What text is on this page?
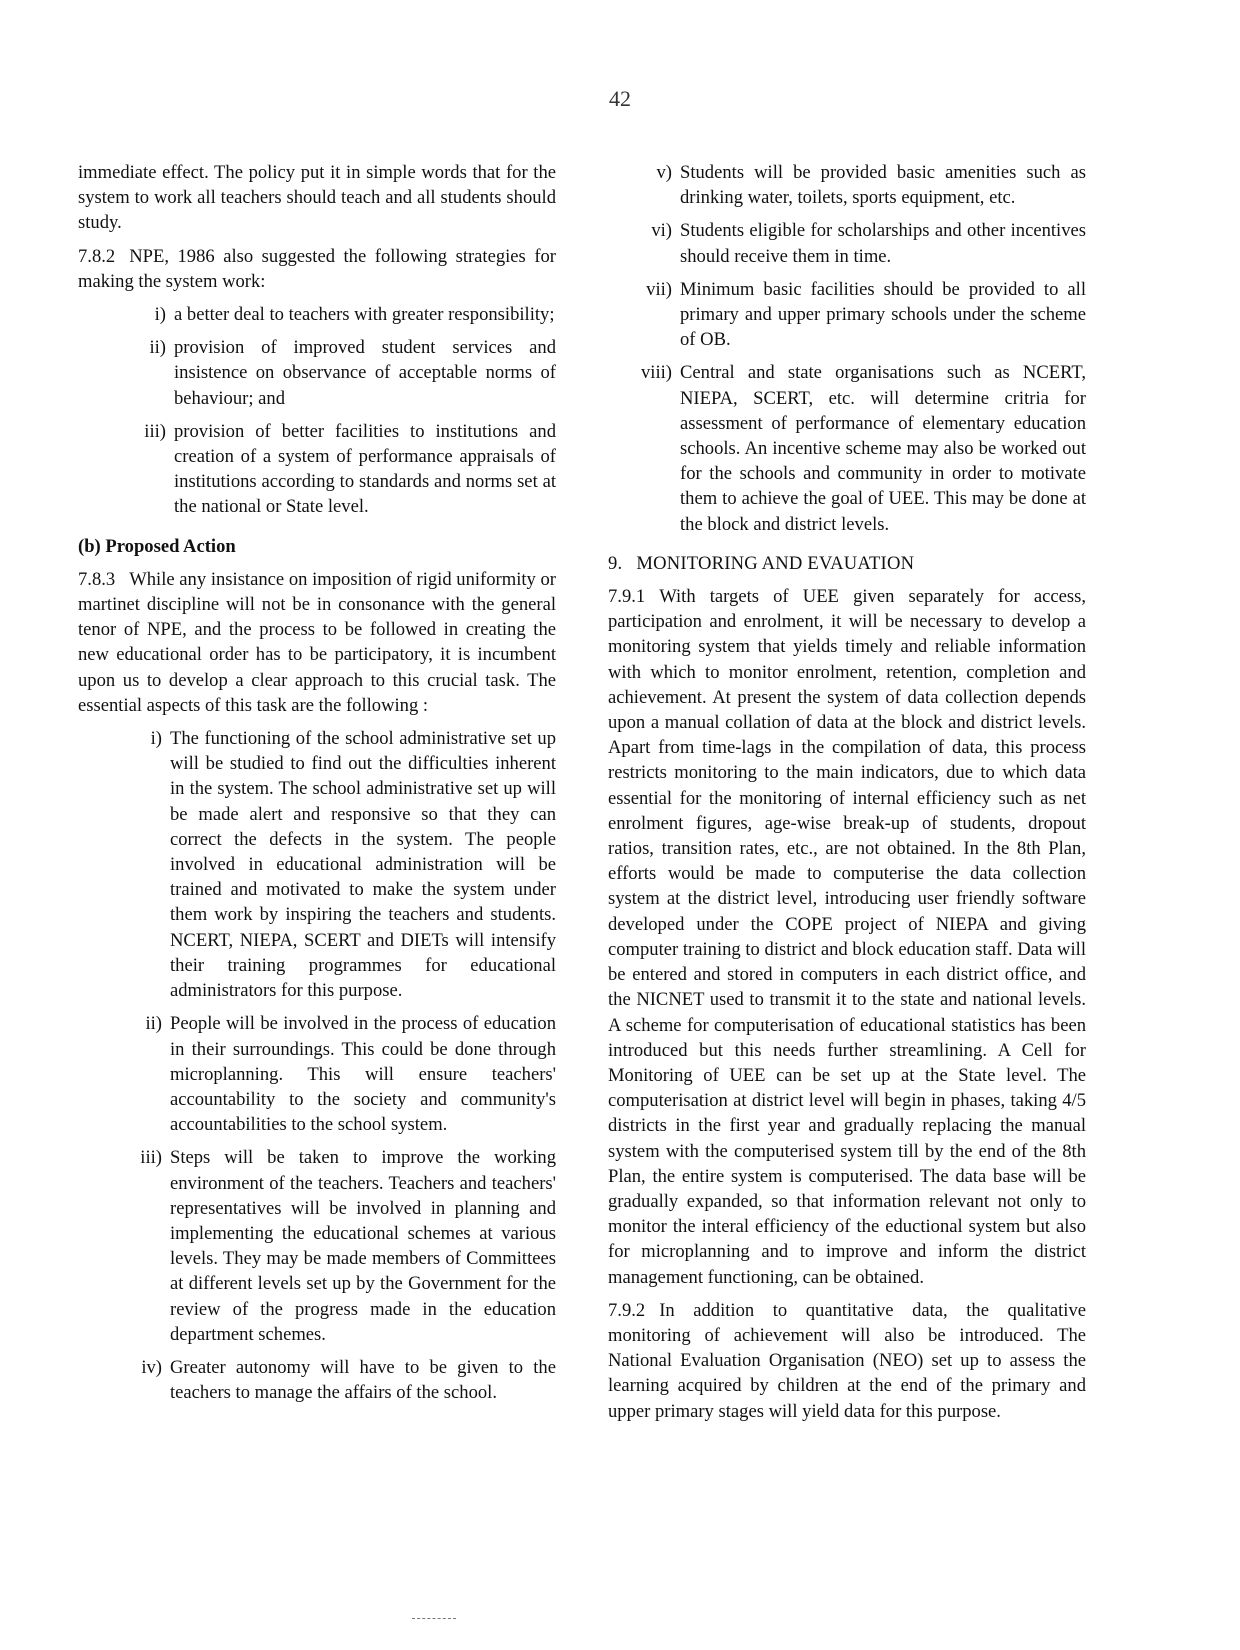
42

immediate effect. The policy put it in simple words that for the system to work all teachers should teach and all students should study.

7.8.2 NPE, 1986 also suggested the following strategies for making the system work:

i) a better deal to teachers with greater responsibility;
ii) provision of improved student services and insistence on observance of acceptable norms of behaviour; and
iii) provision of better facilities to institutions and creation of a system of performance appraisals of institutions according to standards and norms set at the national or State level.
(b) Proposed Action

7.8.3 While any insistance on imposition of rigid uniformity or martinet discipline will not be in consonance with the general tenor of NPE, and the process to be followed in creating the new educational order has to be participatory, it is incumbent upon us to develop a clear approach to this crucial task. The essential aspects of this task are the following :

i) The functioning of the school administrative set up will be studied to find out the difficulties inherent in the system. The school administrative set up will be made alert and responsive so that they can correct the defects in the system. The people involved in educational administration will be trained and motivated to make the system under them work by inspiring the teachers and students. NCERT, NIEPA, SCERT and DIETs will intensify their training programmes for educational administrators for this purpose.
ii) People will be involved in the process of education in their surroundings. This could be done through microplanning. This will ensure teachers' accountability to the society and community's accountabilities to the school system.
iii) Steps will be taken to improve the working environment of the teachers. Teachers and teachers' representatives will be involved in planning and implementing the educational schemes at various levels. They may be made members of Committees at different levels set up by the Government for the review of the progress made in the education department schemes.
iv) Greater autonomy will have to be given to the teachers to manage the affairs of the school.
v) Students will be provided basic amenities such as drinking water, toilets, sports equipment, etc.
vi) Students eligible for scholarships and other incentives should receive them in time.
vii) Minimum basic facilities should be provided to all primary and upper primary schools under the scheme of OB.
viii) Central and state organisations such as NCERT, NIEPA, SCERT, etc. will determine critria for assessment of performance of elementary education schools. An incentive scheme may also be worked out for the schools and community in order to motivate them to achieve the goal of UEE. This may be done at the block and district levels.
9. MONITORING AND EVAUATION

7.9.1 With targets of UEE given separately for access, participation and enrolment, it will be necessary to develop a monitoring system that yields timely and reliable information with which to monitor enrolment, retention, completion and achievement. At present the system of data collection depends upon a manual collation of data at the block and district levels. Apart from time-lags in the compilation of data, this process restricts monitoring to the main indicators, due to which data essential for the monitoring of internal efficiency such as net enrolment figures, age-wise break-up of students, dropout ratios, transition rates, etc., are not obtained. In the 8th Plan, efforts would be made to computerise the data collection system at the district level, introducing user friendly software developed under the COPE project of NIEPA and giving computer training to district and block education staff. Data will be entered and stored in computers in each district office, and the NICNET used to transmit it to the state and national levels. A scheme for computerisation of educational statistics has been introduced but this needs further streamlining. A Cell for Monitoring of UEE can be set up at the State level. The computerisation at district level will begin in phases, taking 4/5 districts in the first year and gradually replacing the manual system with the computerised system till by the end of the 8th Plan, the entire system is computerised. The data base will be gradually expanded, so that information relevant not only to monitor the interal efficiency of the eductional system but also for microplanning and to improve and inform the district management functioning, can be obtained.

7.9.2 In addition to quantitative data, the qualitative monitoring of achievement will also be introduced. The National Evaluation Organisation (NEO) set up to assess the learning acquired by children at the end of the primary and upper primary stages will yield data for this purpose.
